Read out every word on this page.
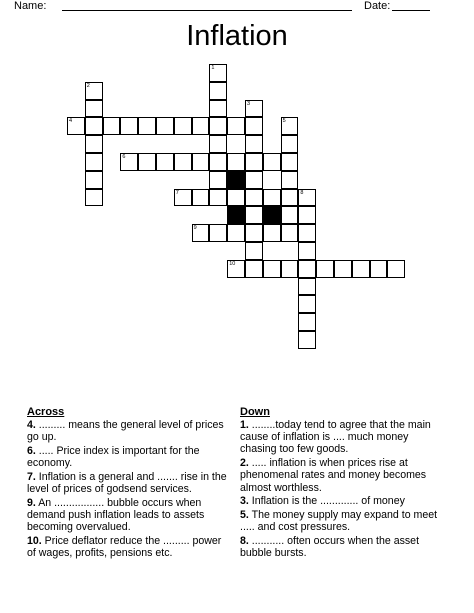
Name:	Date:
Inflation
1
2
4
3
5
6
7	8
9
10
Across
4. ......... means the general level of prices go up.
6. ..... Price index is important for the economy.
7. Inflation is a general and ....... rise in the level of prices of godsend services.
9. An ................. bubble occurs when demand push inflation leads to assets becoming overvalued.
10. Price deflator reduce the ......... power of wages, profits, pensions etc.
Down
1. ........today tend to agree that the main cause of inflation is .... much money chasing too few goods.
2. ..... inflation is when prices rise at phenomenal rates and money becomes almost worthless.
3. Inflation is the ............. of money
5. The money supply may expand to meet ..... and cost pressures.
8. ........... often occurs when the asset bubble bursts.
